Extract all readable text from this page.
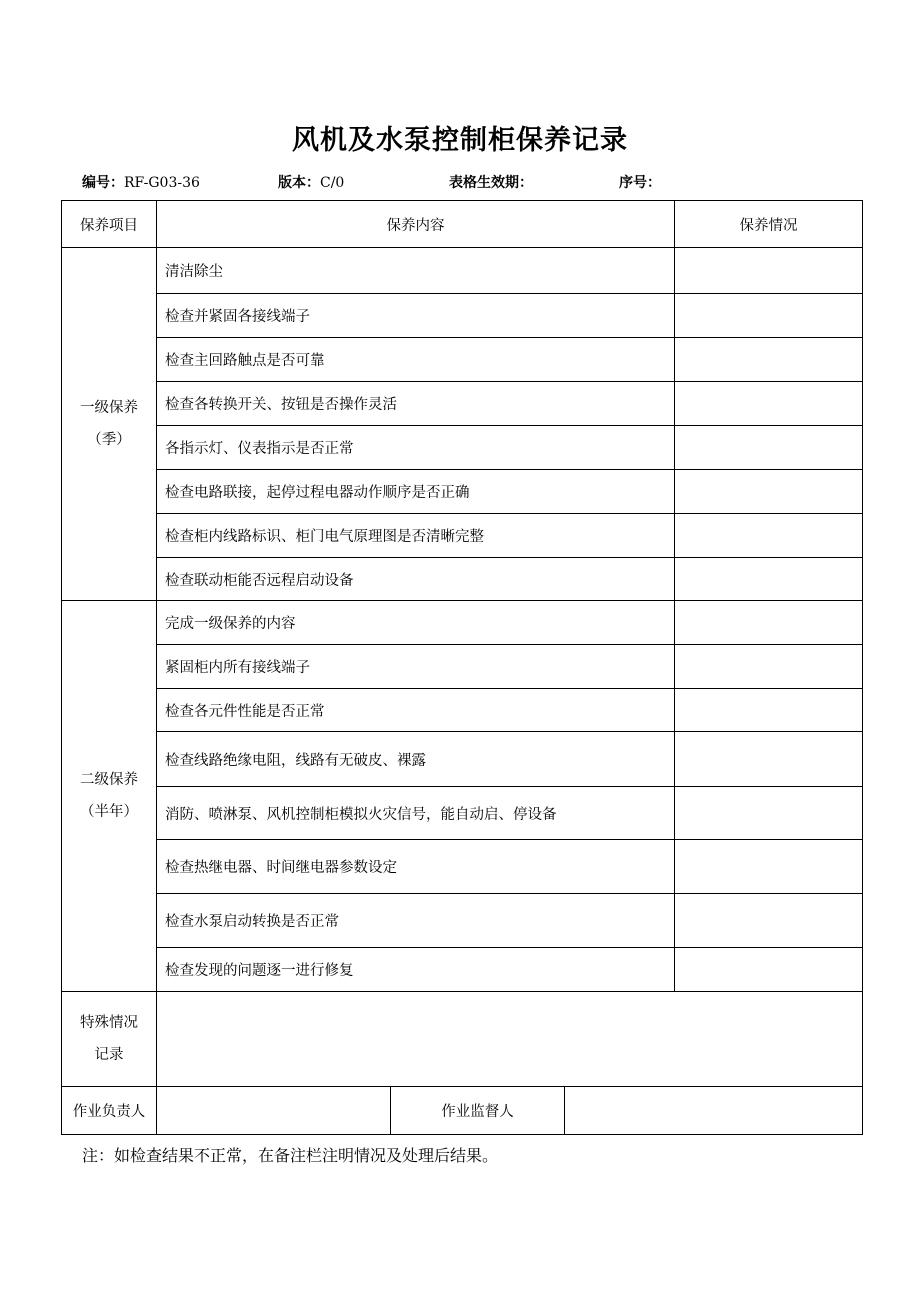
风机及水泵控制柜保养记录
编号：RF-G03-36	版本：C/0	表格生效期：	序号：
保养项目	保养内容			保养情况

一级保养
（季）	清洁除尘			
	检查并紧固各接线端子			
	检查主回路触点是否可靠			
	检查各转换开关、按钮是否操作灵活			
	各指示灯、仪表指示是否正常			
	检查电路联接，起停过程电器动作顺序是否正确			
	检查柜内线路标识、柜门电气原理图是否清晰完整			
	检查联动柜能否远程启动设备			

二级保养
（半年）	完成一级保养的内容			
	紧固柜内所有接线端子			
	检查各元件性能是否正常			
	检查线路绝缘电阻，线路有无破皮、裸露			
	消防、喷淋泵、风机控制柜模拟火灾信号，能自动启、停设备			
	检查热继电器、时间继电器参数设定			
	检查水泵启动转换是否正常			
	检查发现的问题逐一进行修复			

特殊情况
记录				

作业负责人		作业监督人		
注：如检查结果不正常，在备注栏注明情况及处理后结果。
